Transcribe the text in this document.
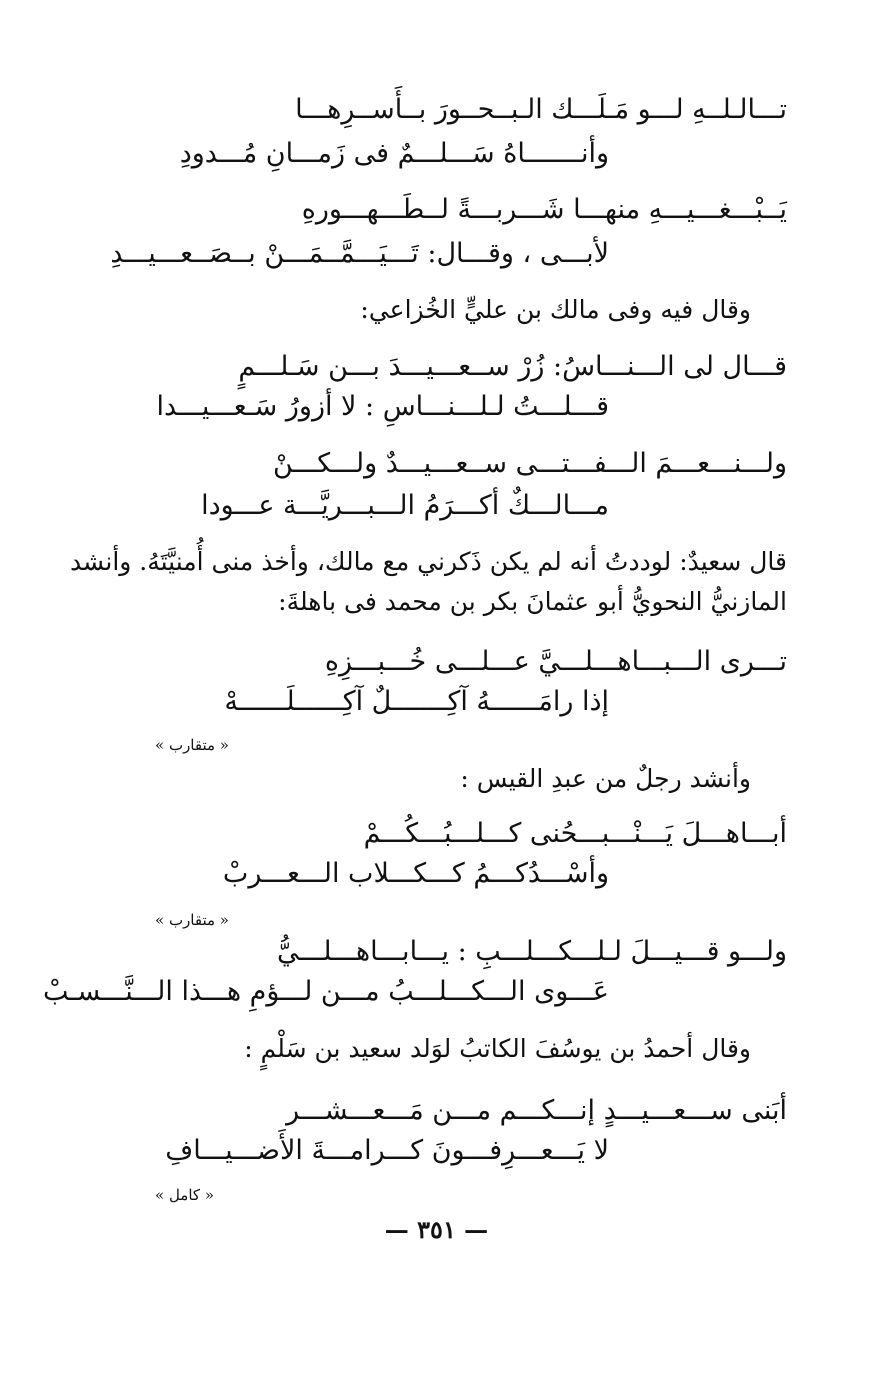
تـــالـلــهِ لـــو مَـلَـــك الـبــحــورَ بــأَســرِهـــا
وأنـــــــاهُ سَـــلـــمٌ فى زَمـــانِ مُـــدودِ
يَــبْـــغـــيـــهِ منهـــا شَـــربـــةً لــطَـــهـــورهِ
لأبـــى ، وقـــال: تَـــيَـــمَّــمَـــنْ بــصَــعـــيـــدِ
وقال فيه وفى مالك بن عليٍّ الخُزاعي:
قـــال لى الـــنـــاسُ: زُرْ ســعـــيـــدَ بـــن سَـلـــمٍ
قـــلـــتُ لـلـــنـــاسِ : لا أزورُ سَـعـــيـــدا
ولـــنـــعـــمَ الـــفـــتـــى ســعـــيـــدٌ ولـــكـــنْ
مـــالـــكٌ أكـــرَمُ الـــبـــريَّـــة عـــودا
قال سعيدٌ: لوددتُ أنه لم يكن ذَكرني مع مالك، وأخذ منى أُمنيَّتَهُ. وأنشد
المازنيُّ النحويُّ أبو عثمانَ بكر بن محمد فى باهلةَ:
تـــرى الـــبـــاهـــلـــيَّ عـــلـــى خُـــبـــزِهِ
إذا رامَــــــهُ آكِـــــــلٌ آكِــــــلَــــــهْ
« متقارب »
وأنشد رجلٌ من عبدِ القيس :
أبـــاهـــلَ يَـــنْـــبـــحُنى كـــلـــبُـــكُـــمْ
وأسْـــدُكـــمُ كـــكـــلاب الـــعـــربْ
« متقارب »
ولـــو قـــيـــلَ لـلـــكـــلـــبِ : يـــابـــاهـــلـــيُّ
عَـــوى الـــكـــلـــبُ مـــن لـــؤمِ هـــذا الـــنَّـــسـبْ
وقال أحمدُ بن يوسُفَ الكاتبُ لوَلد سعيد بن سَلْمٍ :
أبَنى ســـعـــيـــدٍ إنـــكـــم مـــن مَـــعـــشـــر
لا يَـــعـــرِفـــونَ كـــرامـــةَ الأَضـــيـــافِ
« كامل »
— ٣٥١ —
